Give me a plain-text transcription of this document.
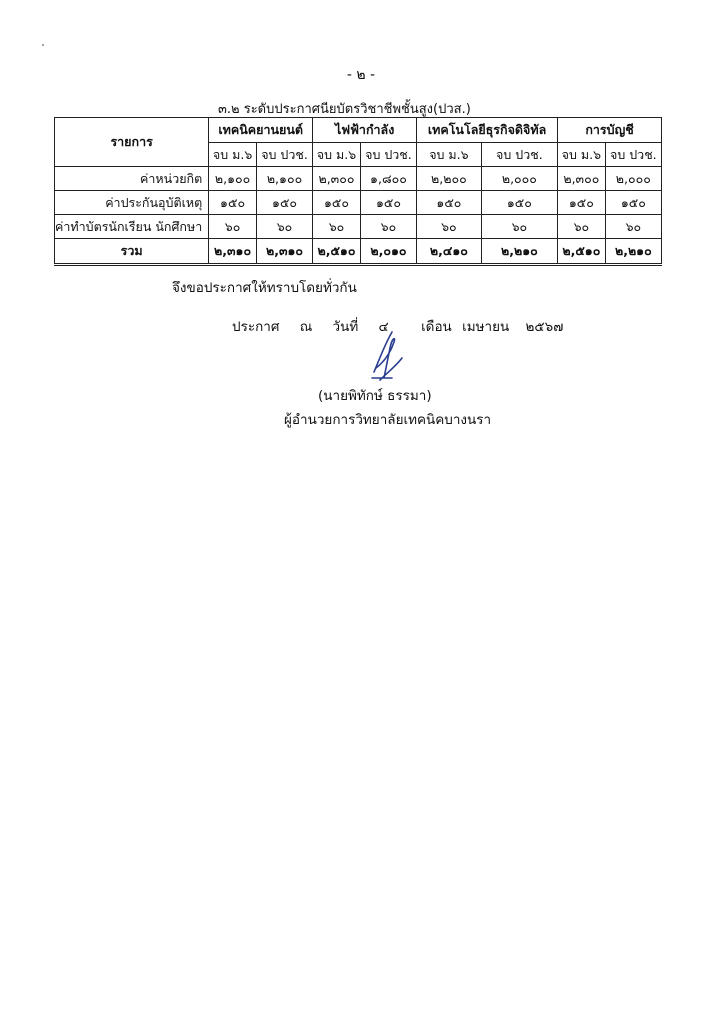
- ๒ -
๓.๒ ระดับประกาศนียบัตรวิชาชีพชั้นสูง(ปวส.)
รายการ	เทคนิคยานยนต์		ไฟฟ้ากำลัง		เทคโนโลยีธุรกิจดิจิทัล		การบัญชี	
	จบ ม.๖	จบ ปวช.	จบ ม.๖	จบ ปวช.	จบ ม.๖	จบ ปวช.	จบ ม.๖	จบ ปวช.
ค่าหน่วยกิต	๒,๑๐๐	๒,๑๐๐	๒,๓๐๐	๑,๘๐๐	๒,๒๐๐	๒,๐๐๐	๒,๓๐๐	๒,๐๐๐
ค่าประกันอุบัติเหตุ	๑๕๐	๑๕๐	๑๕๐	๑๕๐	๑๕๐	๑๕๐	๑๕๐	๑๕๐
ค่าทำบัตรนักเรียน นักศึกษา	๖๐	๖๐	๖๐	๖๐	๖๐	๖๐	๖๐	๖๐
รวม	๒,๓๑๐	๒,๓๑๐	๒,๕๑๐	๒,๐๑๐	๒,๔๑๐	๒,๒๑๐	๒,๕๑๐	๒,๒๑๐
จึงขอประกาศให้ทราบโดยทั่วกัน
ประกาศ ณ วันที่ ๔ เดือน เมษายน ๒๕๖๗
(นายพิทักษ์ ธรรมา)
ผู้อำนวยการวิทยาลัยเทคนิคบางนรา
